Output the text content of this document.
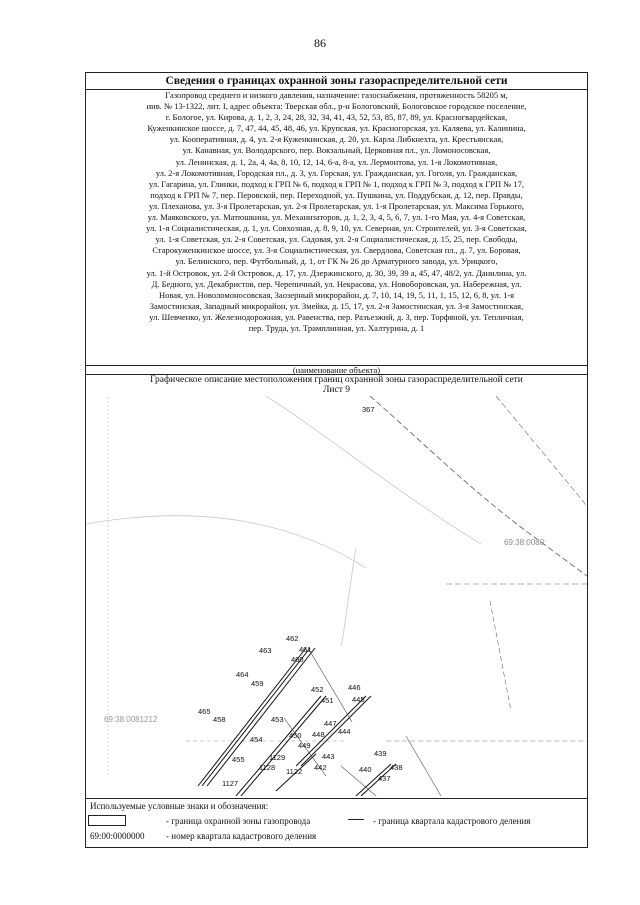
86
Сведения о границах охранной зоны газораспределительной сети
Газопровод среднего и низкого давления, назначение: газоснабжения, протяженность 58205 м,
инв. № 13-1322, лит. I, адрес объекта: Тверская обл., р-н Бологовский, Бологовское городское поселение,
г. Бологое, ул. Кирова, д. 1, 2, 3, 24, 28, 32, 34, 41, 43, 52, 53, 85, 87, 89, ул. Красногвардейская,
Куженкинское шоссе, д. 7, 47, 44, 45, 48, 46, ул. Крупская, ул. Красногорская, ул. Каляева, ул. Калинина,
ул. Кооперативная, д. 4, ул. 2-я Куженкинская, д. 20, ул. Карла Либкнехта, ул. Крестьянская,
ул. Канавная, ул. Володарского, пер. Вокзальный, Церковная пл., ул. Ломоносовская,
ул. Ленинская, д. 1, 2а, 4, 4а, 8, 10, 12, 14, 6-а, 8-а, ул. Лермонтова, ул. 1-я Локомотивная,
ул. 2-я Локомотивная, Городская пл., д. 3, ул. Горская, ул. Гражданская, ул. Гоголя, ул. Гражданская,
ул. Гагарина, ул. Глинки, подход к ГРП № 6, подход к ГРП № 1, подход к ГРП № 3, подход к ГРП № 17,
подход к ГРП № 7, пер. Перовской, пер. Переходной, ул. Пушкина, ул. Поддубская, д. 12, пер. Правды,
ул. Плеханова, ул. 3-я Пролетарская, ул. 2-я Пролетарская, ул. 1-я Пролетарская, ул. Максима Горького,
ул. Маяковского, ул. Матюшкина, ул. Механизаторов, д. 1, 2, 3, 4, 5, 6, 7, ул. 1-го Мая, ул. 4-я Советская,
ул. 1-я Социалистическая, д. 1, ул. Совхозная, д. 8, 9, 10, ул. Северная, ул. Строителей, ул. 3-я Советская,
ул. 1-я Советская, ул. 2-я Советская, ул. Садовая, ул. 2-я Социалистическая, д. 15, 25, пер. Свободы,
Старокуженкинское шоссе, ул. 3-я Социалистическая, ул. Свердлова, Советская пл., д. 7, ул. Боровая,
ул. Белинского, пер. Футбольный, д. 1, от ГК № 26 до Арматурного завода, ул. Урицкого,
ул. 1-й Островок, ул. 2-й Островок, д. 17, ул. Дзержинского, д. 30, 39, 39 а, 45, 47, 48/2, ул. Данилина, ул.
Д. Бедного, ул. Декабристов, пер. Черепичный, ул. Некрасова, ул. Новоборовская, ул. Набережная, ул.
Новая, ул. Новоломоносовская, Заозерный микрорайон, д. 7, 10, 14, 19, 5, 11, 1, 15, 12, 6, 8, ул. 1-я
Замостинская, Западный микрорайон, ул. Змейка, д. 15, 17, ул. 2-я Замостинская, ул. 3-я Замостинская,
ул. Шевченко, ул. Железнодорожная, ул. Равенства, пер. Разъезжий, д. 3, пер. Торфяной, ул. Тепличная,
пер. Труда, ул. Трамплинная, ул. Халтурина, д. 1
(наименование объекта)
Графическое описание местоположения границ охранной зоны газораспределительной сети
Лист 9
69:38:0080:
69:38:0081212
367
462
461
463
460
464
459
452	446
451 445
465
458	453	447
444
448
450
449
454
439
443
1129
438
455
442	440
1128 1122
437
1127
Используемые условные знаки и обозначения:
- граница охранной зоны газопровода	- граница квартала кадастрового деления
69:00:0000000 - номер квартала кадастрового деления
